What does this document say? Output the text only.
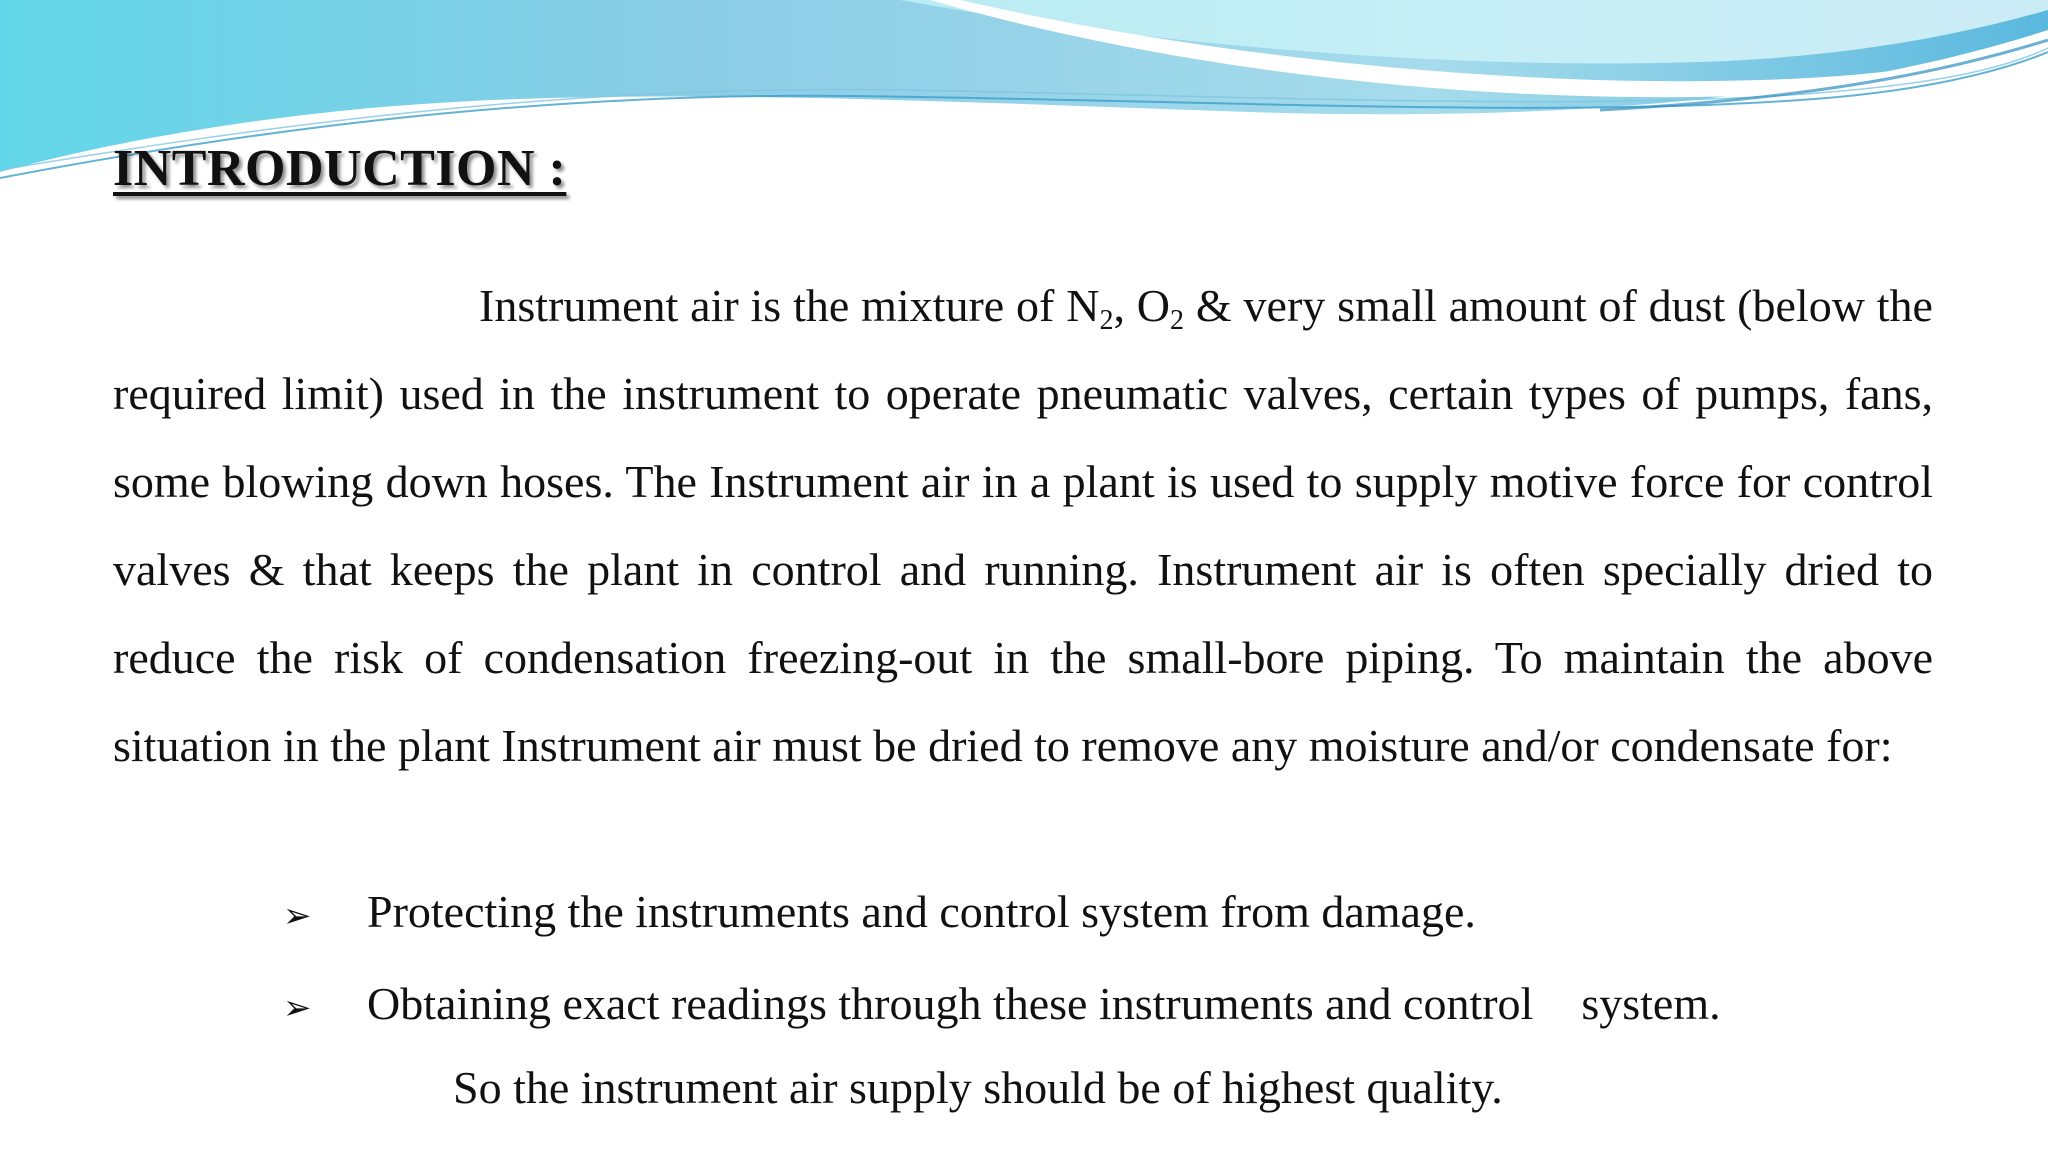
INTRODUCTION :

Instrument air is the mixture of $N_2$, $O_2$ & very small amount of dust (below the required limit) used in the instrument to operate pneumatic valves, certain types of pumps, fans, some blowing down hoses. The Instrument air in a plant is used to supply motive force for control valves & that keeps the plant in control and running. Instrument air is often specially dried to reduce the risk of condensation freezing-out in the small-bore piping. To maintain the above situation in the plant Instrument air must be dried to remove any moisture and/or condensate for:

➢	Protecting the instruments and control system from damage.
➢	Obtaining exact readings through these instruments and control system.

So the instrument air supply should be of highest quality.
